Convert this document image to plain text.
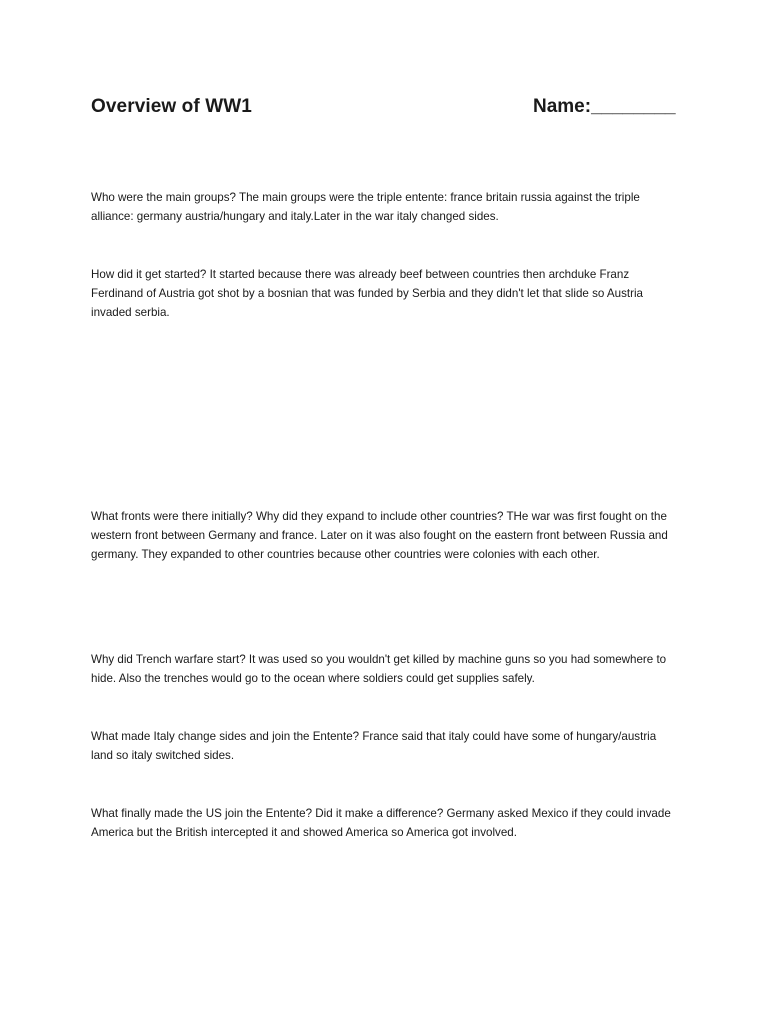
Overview of WW1	Name:________

Who were the main groups? The main groups were the triple entente: france britain russia against the triple alliance: germany austria/hungary and italy.Later in the war italy changed sides.

How did it get started? It started because there was already beef between countries then archduke Franz Ferdinand of Austria got shot by a bosnian that was funded by Serbia and they didn't let that slide so Austria invaded serbia.

What fronts were there initially? Why did they expand to include other countries? THe war was first fought on the western front between Germany and france. Later on it was also fought on the eastern front between Russia and germany. They expanded to other countries because other countries were colonies with each other.

Why did Trench warfare start? It was used so you wouldn't get killed by machine guns so you had somewhere to hide. Also the trenches would go to the ocean where soldiers could get supplies safely.

What made Italy change sides and join the Entente? France said that italy could have some of hungary/austria land so italy switched sides.

What finally made the US join the Entente? Did it make a difference? Germany asked Mexico if they could invade America but the British intercepted it and showed America so America got involved.
